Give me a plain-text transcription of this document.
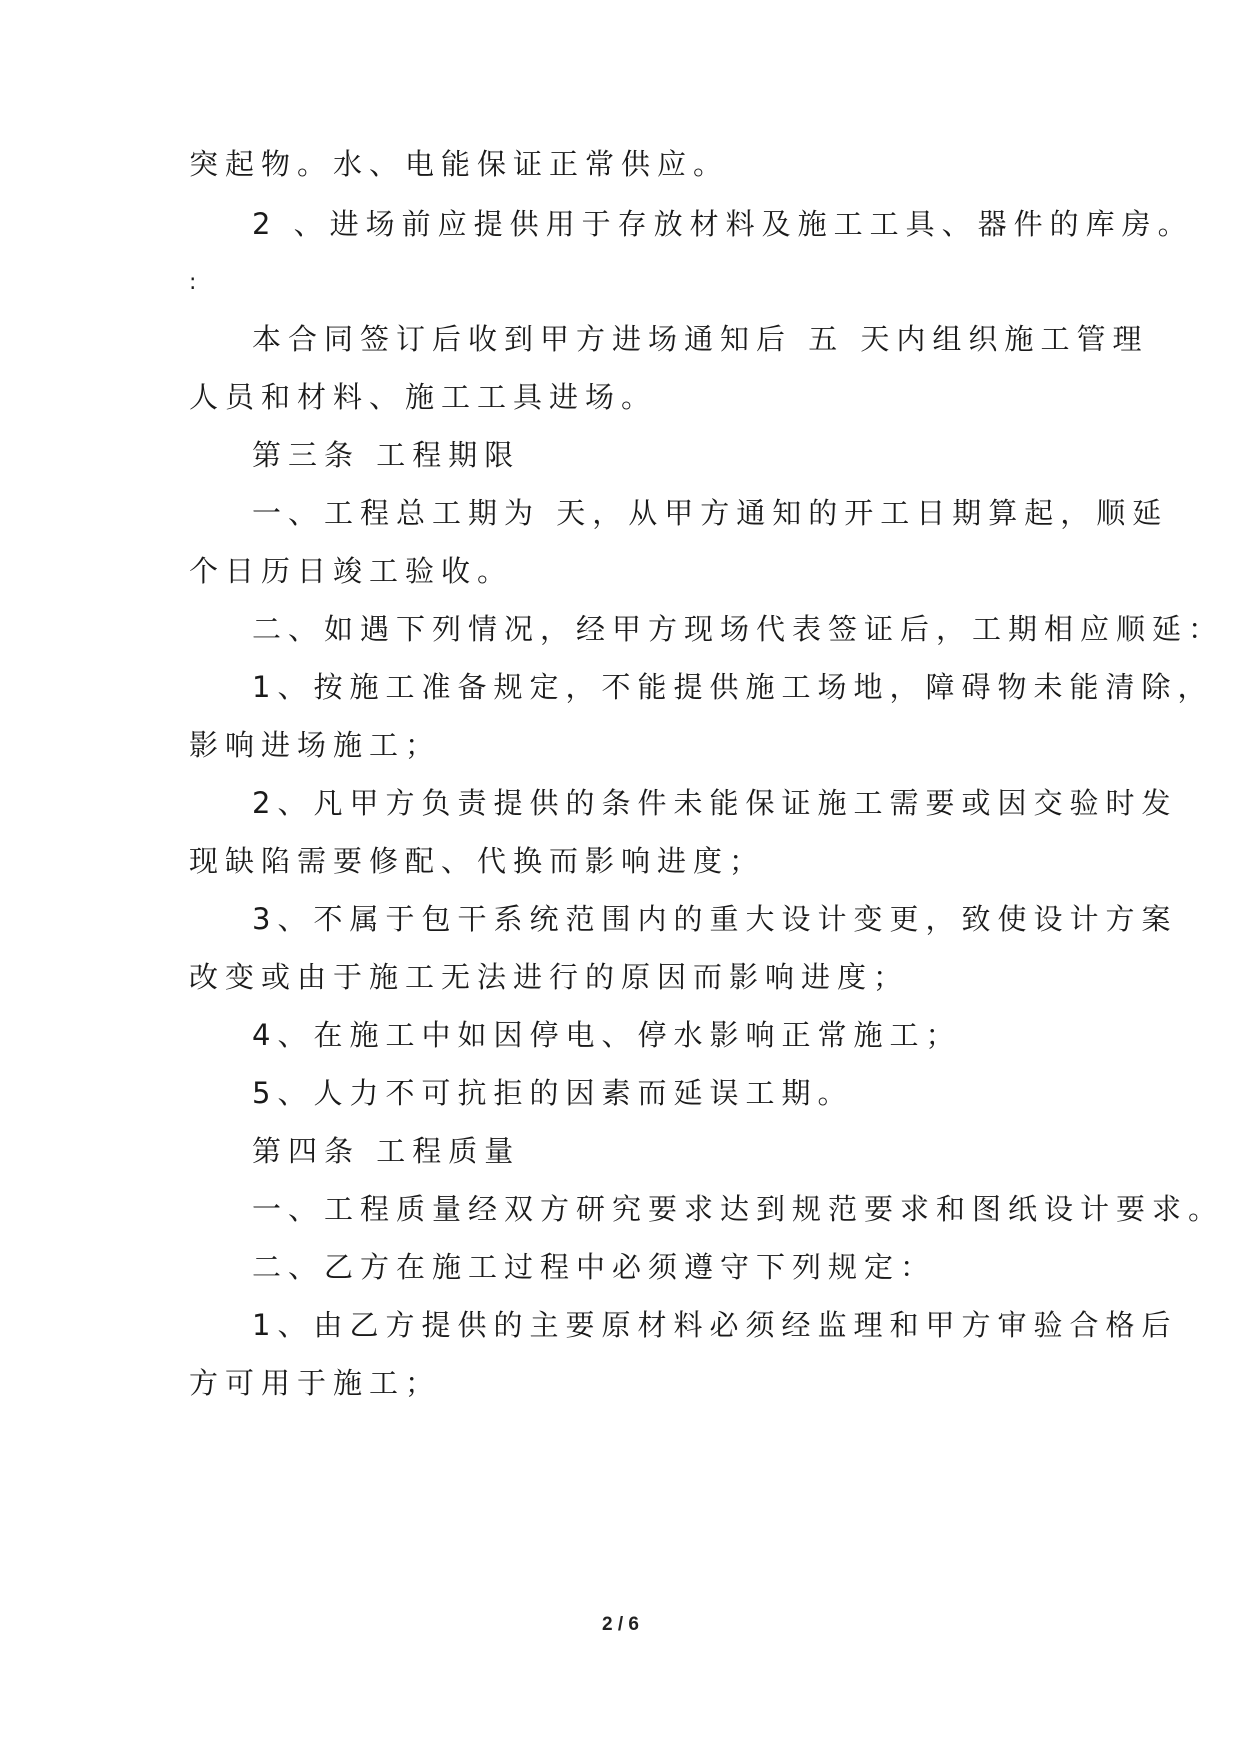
突起物。水、电能保证正常供应。
2 、进场前应提供用于存放材料及施工工具、器件的库房。
:
本合同签订后收到甲方进场通知后 五 天内组织施工管理
人员和材料、施工工具进场。
第三条 工程期限
一、工程总工期为 天，从甲方通知的开工日期算起，顺延
个日历日竣工验收。
二、如遇下列情况，经甲方现场代表签证后，工期相应顺延：
1、按施工准备规定，不能提供施工场地，障碍物未能清除，
影响进场施工；
2、凡甲方负责提供的条件未能保证施工需要或因交验时发
现缺陷需要修配、代换而影响进度；
3、不属于包干系统范围内的重大设计变更，致使设计方案
改变或由于施工无法进行的原因而影响进度；
4、在施工中如因停电、停水影响正常施工；
5、人力不可抗拒的因素而延误工期。
第四条 工程质量
一、工程质量经双方研究要求达到规范要求和图纸设计要求。
二、乙方在施工过程中必须遵守下列规定：
1、由乙方提供的主要原材料必须经监理和甲方审验合格后
方可用于施工；
2 / 6
